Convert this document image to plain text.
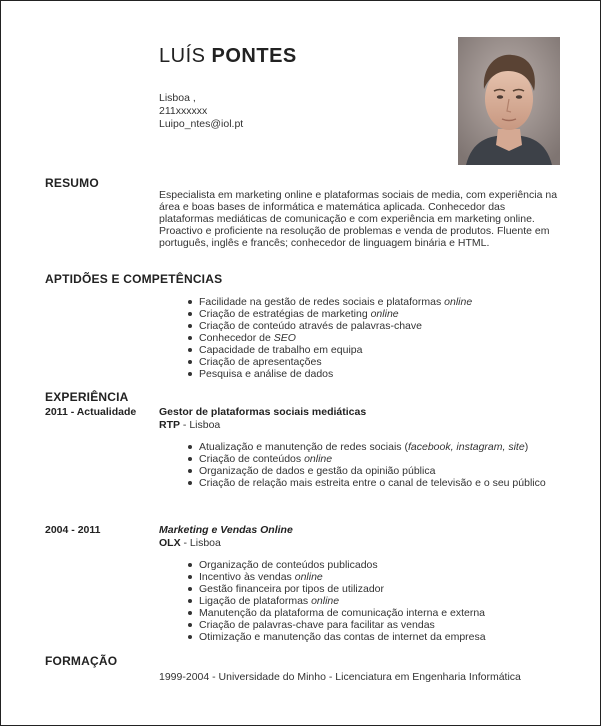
LUÍS PONTES
Lisboa ,
211xxxxxx
Luipo_ntes@iol.pt
RESUMO
Especialista em marketing online e plataformas sociais de media, com experiência na área e boas bases de informática e matemática aplicada. Conhecedor das plataformas mediáticas de comunicação e com experiência em marketing online. Proactivo e proficiente na resolução de problemas e venda de produtos. Fluente em português, inglês e francês; conhecedor de linguagem binária e HTML.
APTIDÕES E COMPETÊNCIAS
Facilidade na gestão de redes sociais e plataformas online
Criação de estratégias de marketing online
Criação de conteúdo através de palavras-chave
Conhecedor de SEO
Capacidade de trabalho em equipa
Criação de apresentações
Pesquisa e análise de dados
EXPERIÊNCIA
2011 - Actualidade Gestor de plataformas sociais mediáticas
RTP - Lisboa
Atualização e manutenção de redes sociais (facebook, instagram, site)
Criação de conteúdos online
Organização de dados e gestão da opinião pública
Criação de relação mais estreita entre o canal de televisão e o seu público
2004 - 2011	Marketing e Vendas Online
OLX - Lisboa
Organização de conteúdos publicados
Incentivo às vendas online
Gestão financeira por tipos de utilizador
Ligação de plataformas online
Manutenção da plataforma de comunicação interna e externa
Criação de palavras-chave para facilitar as vendas
Otimização e manutenção das contas de internet da empresa
FORMAÇÃO
1999-2004 - Universidade do Minho - Licenciatura em Engenharia Informática
